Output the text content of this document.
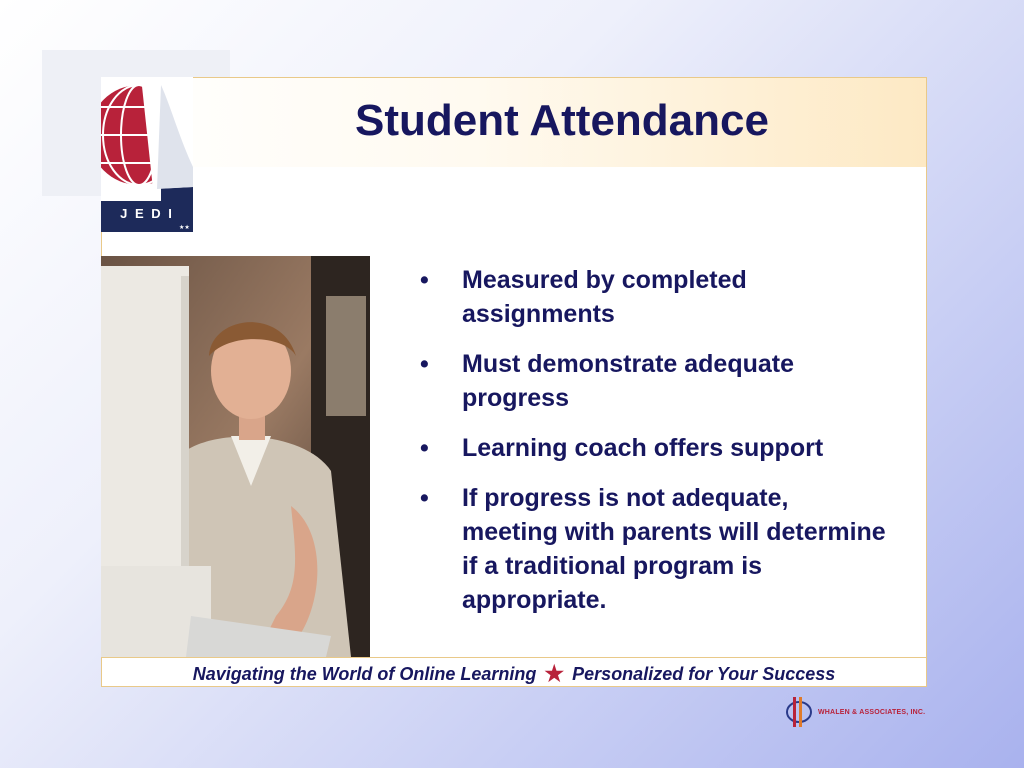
Student Attendance
★
★
★
J E D I
★★
• Measured by completed assignments
• Must demonstrate adequate progress
• Learning coach offers support
• If progress is not adequate, meeting with parents will determine if a traditional program is appropriate.
Navigating the World of Online Learning ★ Personalized for Your Success
WHALEN & ASSOCIATES, INC.
